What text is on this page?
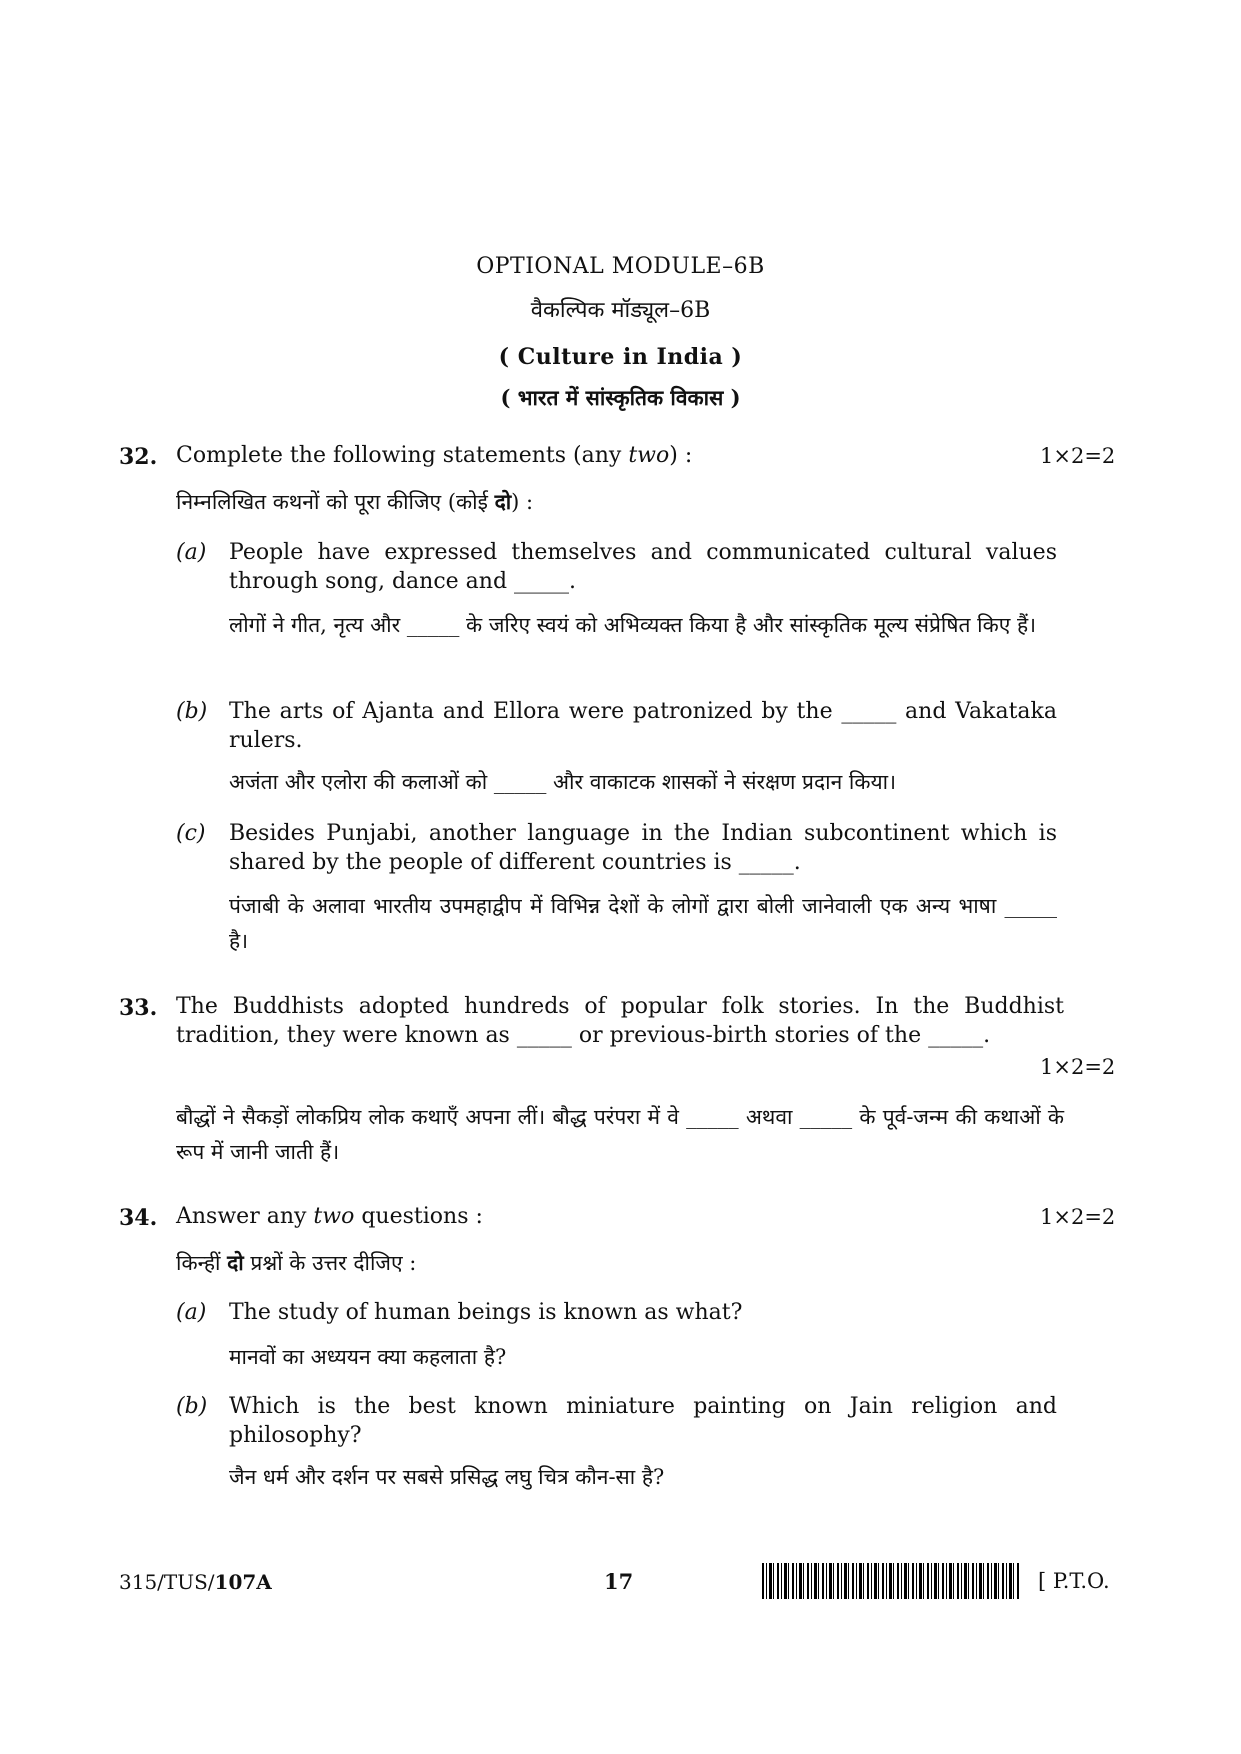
OPTIONAL MODULE–6B
वैकल्पिक मॉड्यूल–6B
( Culture in India )
( भारत में सांस्कृतिक विकास )
32. Complete the following statements (any two) :	1×2=2
निम्नलिखित कथनों को पूरा कीजिए (कोई दो) :
(a) People have expressed themselves and communicated cultural values through song, dance and _____.
लोगों ने गीत, नृत्य और _____ के जरिए स्वयं को अभिव्यक्त किया है और सांस्कृतिक मूल्य संप्रेषित किए हैं।
(b) The arts of Ajanta and Ellora were patronized by the _____ and Vakataka rulers.
अजंता और एलोरा की कलाओं को _____ और वाकाटक शासकों ने संरक्षण प्रदान किया।
(c) Besides Punjabi, another language in the Indian subcontinent which is shared by the people of different countries is _____.
पंजाबी के अलावा भारतीय उपमहाद्वीप में विभिन्न देशों के लोगों द्वारा बोली जानेवाली एक अन्य भाषा _____ है।
33. The Buddhists adopted hundreds of popular folk stories. In the Buddhist tradition, they were known as _____ or previous-birth stories of the _____.
1×2=2
बौद्धों ने सैकड़ों लोकप्रिय लोक कथाएँ अपना लीं। बौद्ध परंपरा में वे _____ अथवा _____ के पूर्व-जन्म की कथाओं के रूप में जानी जाती हैं।
34. Answer any two questions :	1×2=2
किन्हीं दो प्रश्नों के उत्तर दीजिए :
(a) The study of human beings is known as what?
मानवों का अध्ययन क्या कहलाता है?
(b) Which is the best known miniature painting on Jain religion and philosophy?
जैन धर्म और दर्शन पर सबसे प्रसिद्ध लघु चित्र कौन-सा है?
315/TUS/107A	17	[ P.T.O.
